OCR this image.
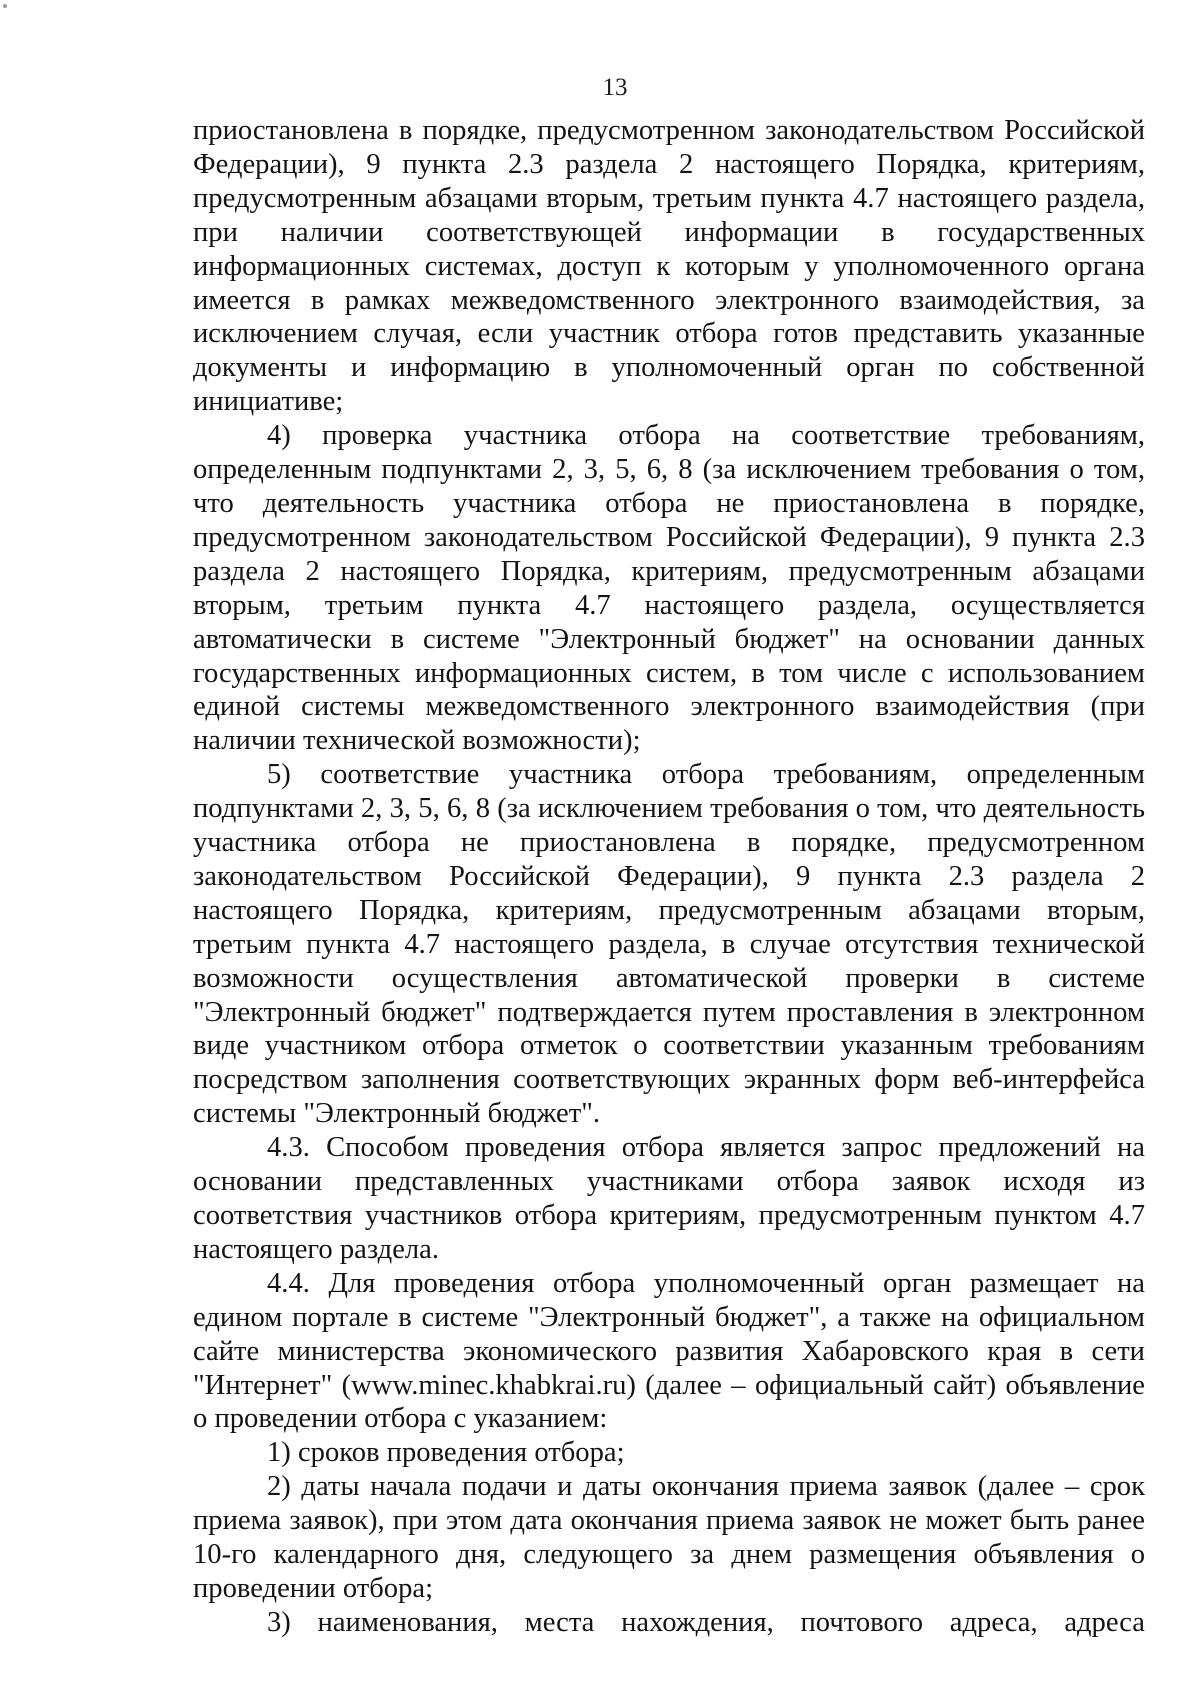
13

приостановлена в порядке, предусмотренном законодательством Российской Федерации), 9 пункта 2.3 раздела 2 настоящего Порядка, критериям, предусмотренным абзацами вторым, третьим пункта 4.7 настоящего раздела, при наличии соответствующей информации в государственных информационных системах, доступ к которым у уполномоченного органа имеется в рамках межведомственного электронного взаимодействия, за исключением случая, если участник отбора готов представить указанные документы и информацию в уполномоченный орган по собственной инициативе;

4) проверка участника отбора на соответствие требованиям, определенным подпунктами 2, 3, 5, 6, 8 (за исключением требования о том, что деятельность участника отбора не приостановлена в порядке, предусмотренном законодательством Российской Федерации), 9 пункта 2.3 раздела 2 настоящего Порядка, критериям, предусмотренным абзацами вторым, третьим пункта 4.7 настоящего раздела, осуществляется автоматически в системе "Электронный бюджет" на основании данных государственных информационных систем, в том числе с использованием единой системы межведомственного электронного взаимодействия (при наличии технической возможности);

5) соответствие участника отбора требованиям, определенным подпунктами 2, 3, 5, 6, 8 (за исключением требования о том, что деятельность участника отбора не приостановлена в порядке, предусмотренном законодательством Российской Федерации), 9 пункта 2.3 раздела 2 настоящего Порядка, критериям, предусмотренным абзацами вторым, третьим пункта 4.7 настоящего раздела, в случае отсутствия технической возможности осуществления автоматической проверки в системе "Электронный бюджет" подтверждается путем проставления в электронном виде участником отбора отметок о соответствии указанным требованиям посредством заполнения соответствующих экранных форм веб-интерфейса системы "Электронный бюджет".

4.3. Способом проведения отбора является запрос предложений на основании представленных участниками отбора заявок исходя из соответствия участников отбора критериям, предусмотренным пунктом 4.7 настоящего раздела.

4.4. Для проведения отбора уполномоченный орган размещает на едином портале в системе "Электронный бюджет", а также на официальном сайте министерства экономического развития Хабаровского края в сети "Интернет" (www.minec.khabkrai.ru) (далее – официальный сайт) объявление о проведении отбора с указанием:

1) сроков проведения отбора;

2) даты начала подачи и даты окончания приема заявок (далее – срок приема заявок), при этом дата окончания приема заявок не может быть ранее 10-го календарного дня, следующего за днем размещения объявления о проведении отбора;

3) наименования, места нахождения, почтового адреса, адреса
